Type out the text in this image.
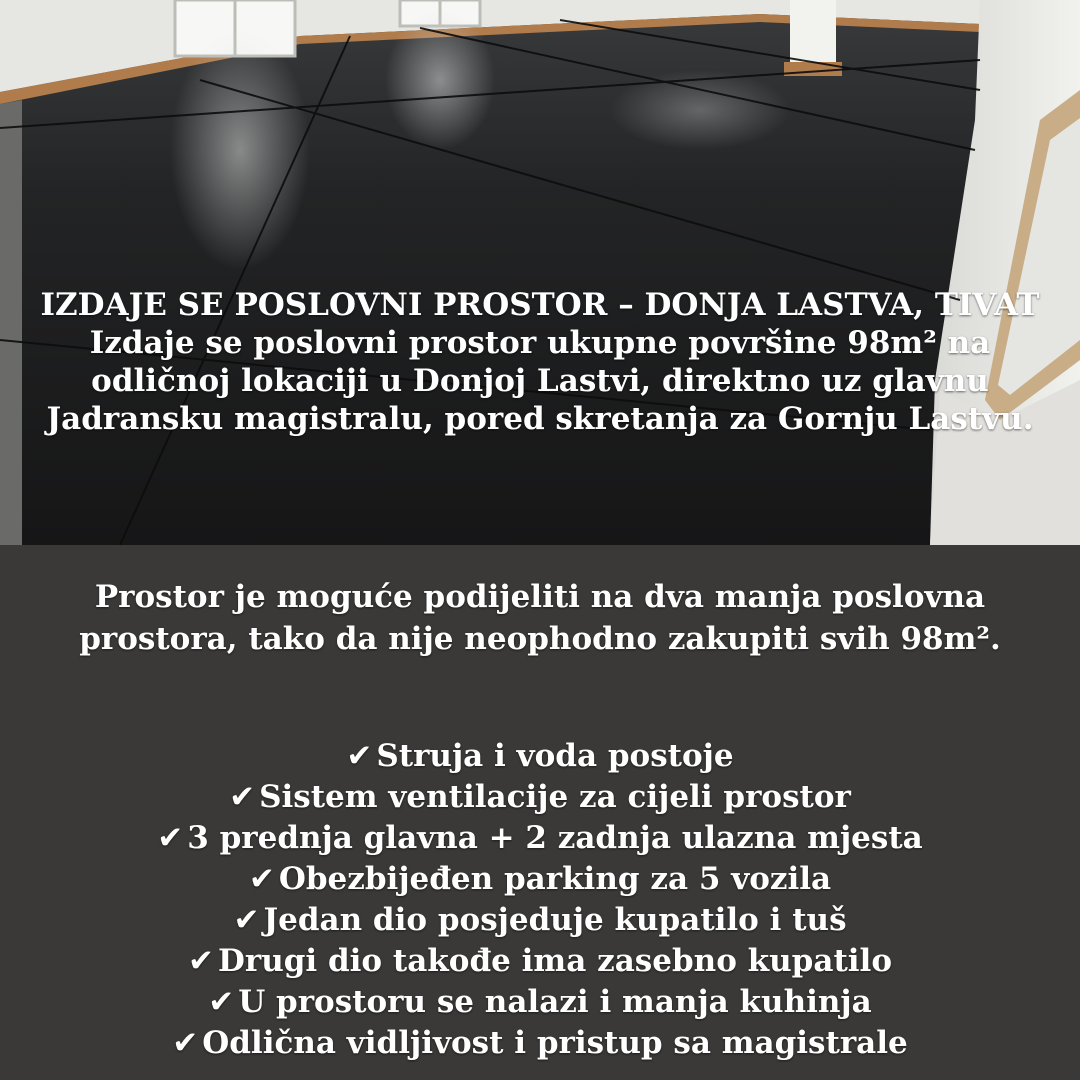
IZDAJE SE POSLOVNI PROSTOR – DONJA LASTVA, TIVAT
Izdaje se poslovni prostor ukupne površine 98m² na odličnoj lokaciji u Donjoj Lastvi, direktno uz glavnu Jadransku magistralu, pored skretanja za Gornju Lastvu.
Prostor je moguće podijeliti na dva manja poslovna prostora, tako da nije neophodno zakupiti svih 98m².
✔ Struja i voda postoje
✔ Sistem ventilacije za cijeli prostor
✔ 3 prednja glavna + 2 zadnja ulazna mjesta
✔ Obezbijeđen parking za 5 vozila
✔ Jedan dio posjeduje kupatilo i tuš
✔ Drugi dio takođe ima zasebno kupatilo
✔ U prostoru se nalazi i manja kuhinja
✔ Odlična vidljivost i pristup sa magistrale
